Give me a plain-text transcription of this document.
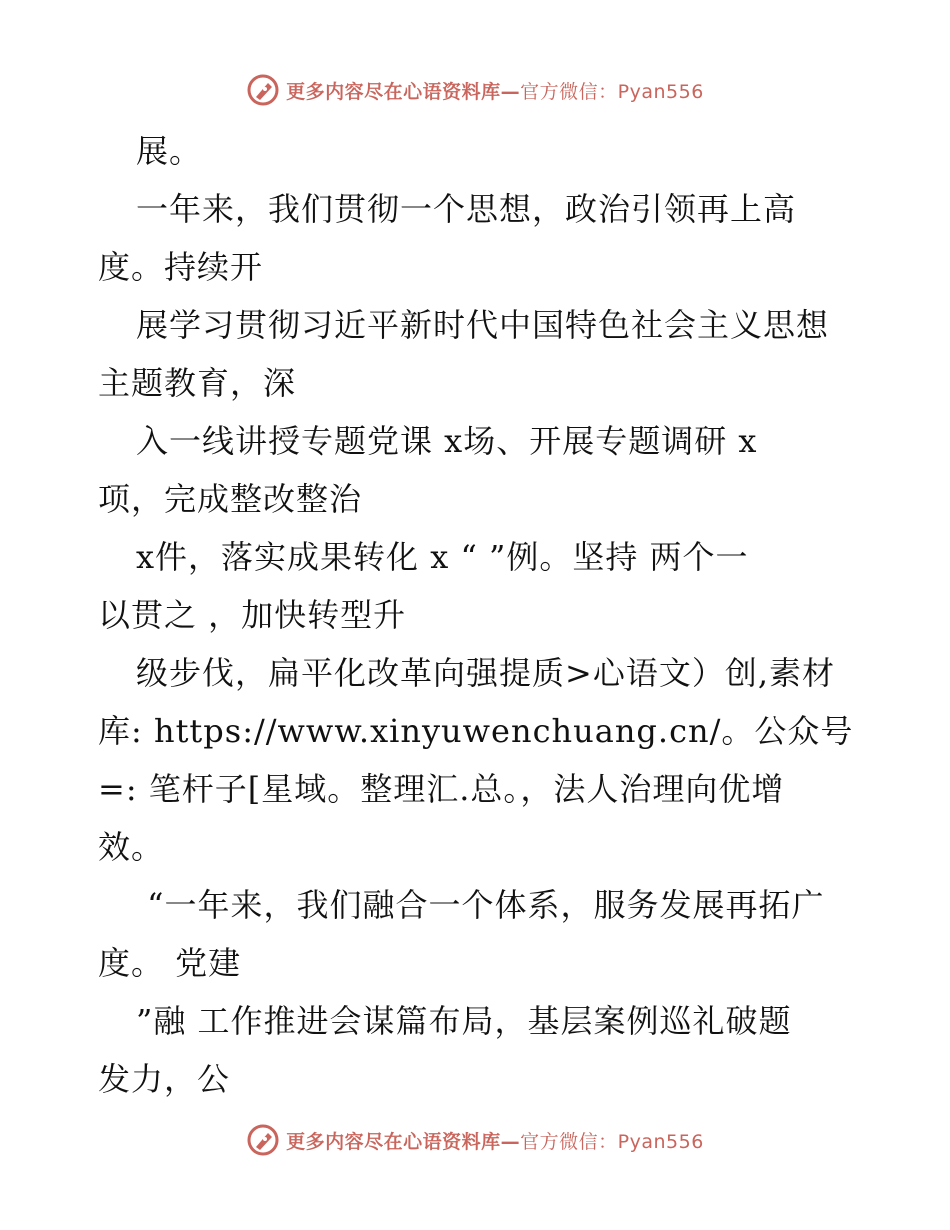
更多内容尽在心语资料库—官方微信：Pyan556
展。
一年来，我们贯彻一个思想，政治引领再上高
度。持续开
展学习贯彻习近平新时代中国特色社会主义思想
主题教育，深
入一线讲授专题党课 x场、开展专题调研 x
项，完成整改整治
x件，落实成果转化 x “ ”例。坚持 两个一
以贯之 ，加快转型升
级步伐，扁平化改革向强提质>心语文）创,素材
库: https://www.xinyuwenchuang.cn/。公众号
=: 笔杆子[星域。整理汇.总。，法人治理向优增
效。
“一年来，我们融合一个体系，服务发展再拓广
度。 党建
”融 工作推进会谋篇布局，基层案例巡礼破题
发力，公
更多内容尽在心语资料库—官方微信：Pyan556
